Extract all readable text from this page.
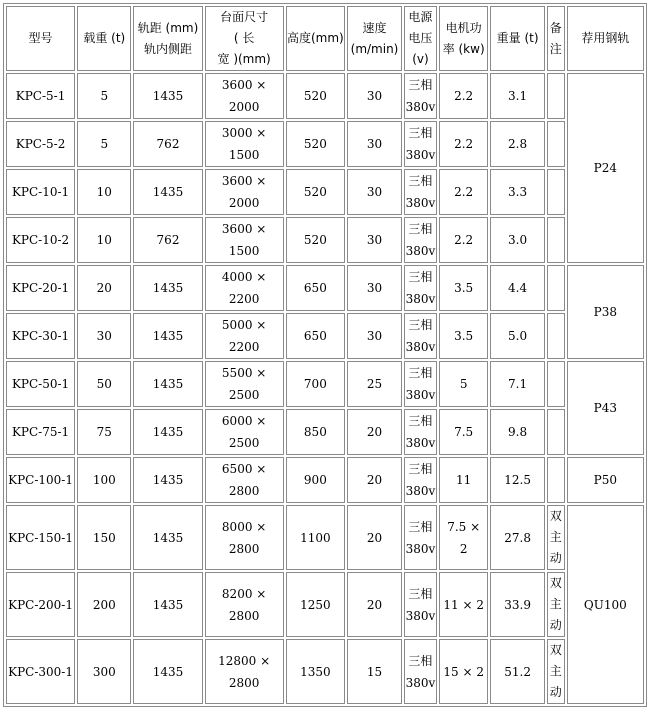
型号	载重 (t)	轨距 (mm)
轨内侧距	台面尺寸
( 长
宽 )(mm)	高度(mm)	速度
(m/min)	电源
电压
(v)	电机功
率 (kw)	重量 (t)	备
注	荐用钢轨

KPC-5-1	5	1435	3600 ×
2000	520	30	三相
380v	2.2	3.1		P24
KPC-5-2	5	762	3000 ×
1500	520	30	三相
380v	2.2	2.8		
KPC-10-1	10	1435	3600 ×
2000	520	30	三相
380v	2.2	3.3		
KPC-10-2	10	762	3600 ×
1500	520	30	三相
380v	2.2	3.0		
KPC-20-1	20	1435	4000 ×
2200	650	30	三相
380v	3.5	4.4		P38
KPC-30-1	30	1435	5000 ×
2200	650	30	三相
380v	3.5	5.0		
KPC-50-1	50	1435	5500 ×
2500	700	25	三相
380v	5	7.1		P43
KPC-75-1	75	1435	6000 ×
2500	850	20	三相
380v	7.5	9.8		
KPC-100-1	100	1435	6500 ×
2800	900	20	三相
380v	11	12.5		P50
KPC-150-1	150	1435	8000 ×
2800	1100	20	三相
380v	7.5 ×
2	27.8	双
主
动	QU100
KPC-200-1	200	1435	8200 ×
2800	1250	20	三相
380v	11 × 2	33.9	双
主
动	

KPC-300-1	300	1435	12800 ×
2800	1350	15	三相
380v	15 × 2	51.2	双
主
动	
